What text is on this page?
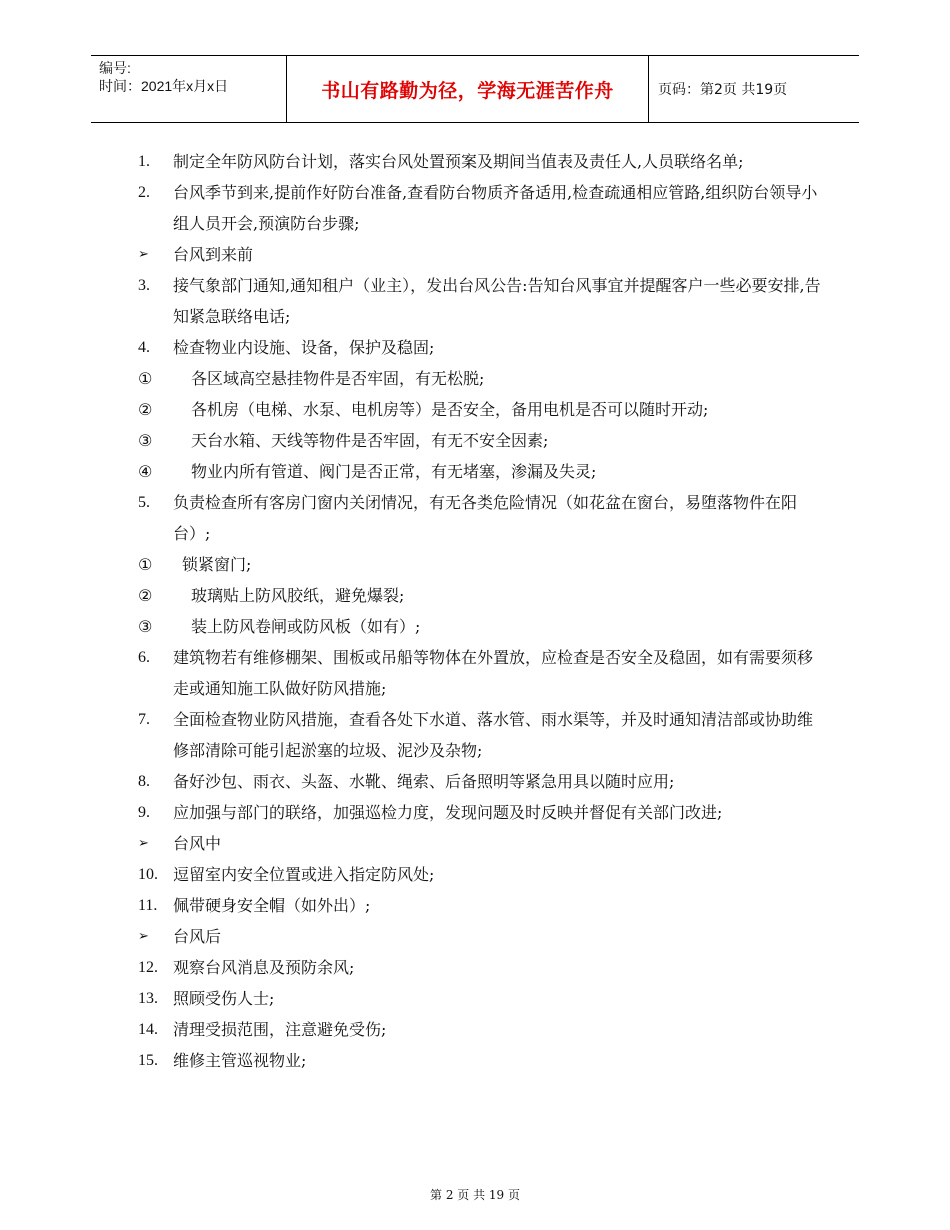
编号:
时间：2021年x月x日	书山有路勤为径，学海无涯苦作舟	页码：第2页 共19页
1.	制定全年防风防台计划，落实台风处置预案及期间当值表及责任人,人员联络名单;
2.	台风季节到来,提前作好防台准备,查看防台物质齐备适用,检查疏通相应管路,组织防台领导小组人员开会,预演防台步骤;
➢	台风到来前
3.	接气象部门通知,通知租户（业主），发出台风公告:告知台风事宜并提醒客户一些必要安排,告知紧急联络电话;
4.	检查物业内设施、设备，保护及稳固;
①	各区域高空悬挂物件是否牢固，有无松脱;
②	各机房（电梯、水泵、电机房等）是否安全，备用电机是否可以随时开动;
③	天台水箱、天线等物件是否牢固，有无不安全因素;
④	物业内所有管道、阀门是否正常，有无堵塞，渗漏及失灵;
5.	负责检查所有客房门窗内关闭情况，有无各类危险情况（如花盆在窗台，易堕落物件在阳台）;
①	锁紧窗门;
②	玻璃贴上防风胶纸，避免爆裂;
③	装上防风卷闸或防风板（如有）;
6.	建筑物若有维修棚架、围板或吊船等物体在外置放，应检查是否安全及稳固，如有需要须移走或通知施工队做好防风措施;
7.	全面检查物业防风措施，查看各处下水道、落水管、雨水渠等，并及时通知清洁部或协助维修部清除可能引起淤塞的垃圾、泥沙及杂物;
8.	备好沙包、雨衣、头盔、水靴、绳索、后备照明等紧急用具以随时应用;
9.	应加强与部门的联络，加强巡检力度，发现问题及时反映并督促有关部门改进;
➢	台风中
10. 逗留室内安全位置或进入指定防风处;
11. 佩带硬身安全帽（如外出）;
➢	台风后
12. 观察台风消息及预防余风;
13. 照顾受伤人士;
14. 清理受损范围，注意避免受伤;
15. 维修主管巡视物业;
第 2 页 共 19 页
